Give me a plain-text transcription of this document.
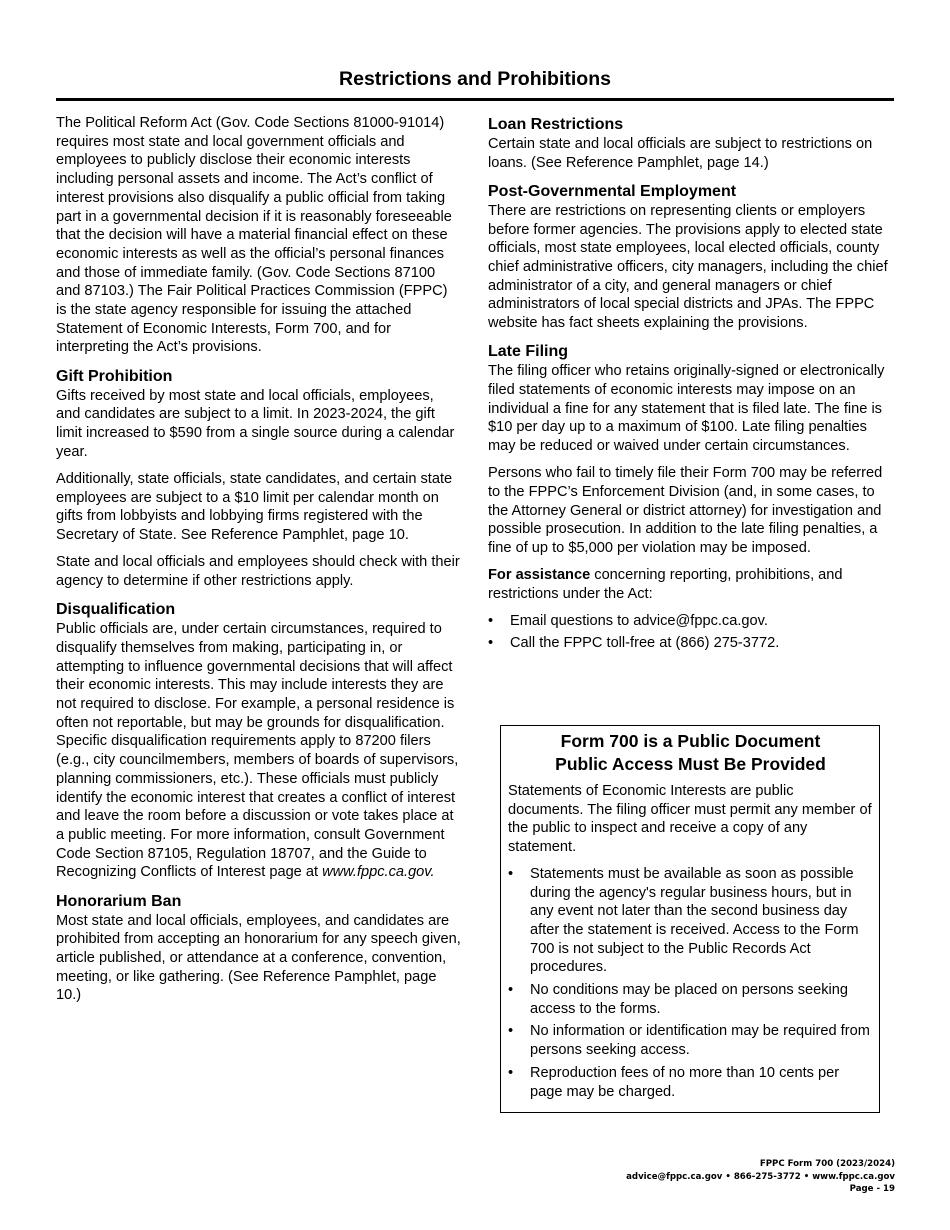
Restrictions and Prohibitions

The Political Reform Act (Gov. Code Sections 81000-91014) requires most state and local government officials and employees to publicly disclose their economic interests including personal assets and income. The Act’s conflict of interest provisions also disqualify a public official from taking part in a governmental decision if it is reasonably foreseeable that the decision will have a material financial effect on these economic interests as well as the official’s personal finances and those of immediate family. (Gov. Code Sections 87100 and 87103.) The Fair Political Practices Commission (FPPC) is the state agency responsible for issuing the attached Statement of Economic Interests, Form 700, and for interpreting the Act’s provisions.

Gift Prohibition

Gifts received by most state and local officials, employees, and candidates are subject to a limit. In 2023-2024, the gift limit increased to $590 from a single source during a calendar year.

Additionally, state officials, state candidates, and certain state employees are subject to a $10 limit per calendar month on gifts from lobbyists and lobbying firms registered with the Secretary of State. See Reference Pamphlet, page 10.

State and local officials and employees should check with their agency to determine if other restrictions apply.

Disqualification

Public officials are, under certain circumstances, required to disqualify themselves from making, participating in, or attempting to influence governmental decisions that will affect their economic interests. This may include interests they are not required to disclose. For example, a personal residence is often not reportable, but may be grounds for disqualification. Specific disqualification requirements apply to 87200 filers (e.g., city councilmembers, members of boards of supervisors, planning commissioners, etc.). These officials must publicly identify the economic interest that creates a conflict of interest and leave the room before a discussion or vote takes place at a public meeting. For more information, consult Government Code Section 87105, Regulation 18707, and the Guide to Recognizing Conflicts of Interest page at www.fppc.ca.gov.

Honorarium Ban

Most state and local officials, employees, and candidates are prohibited from accepting an honorarium for any speech given, article published, or attendance at a conference, convention, meeting, or like gathering. (See Reference Pamphlet, page 10.)

Loan Restrictions

Certain state and local officials are subject to restrictions on loans. (See Reference Pamphlet, page 14.)

Post-Governmental Employment

There are restrictions on representing clients or employers before former agencies. The provisions apply to elected state officials, most state employees, local elected officials, county chief administrative officers, city managers, including the chief administrator of a city, and general managers or chief administrators of local special districts and JPAs. The FPPC website has fact sheets explaining the provisions.

Late Filing

The filing officer who retains originally-signed or electronically filed statements of economic interests may impose on an individual a fine for any statement that is filed late. The fine is $10 per day up to a maximum of $100. Late filing penalties may be reduced or waived under certain circumstances.

Persons who fail to timely file their Form 700 may be referred to the FPPC’s Enforcement Division (and, in some cases, to the Attorney General or district attorney) for investigation and possible prosecution. In addition to the late filing penalties, a fine of up to $5,000 per violation may be imposed.

For assistance concerning reporting, prohibitions, and restrictions under the Act:

• Email questions to advice@fppc.ca.gov.
• Call the FPPC toll-free at (866) 275-3772.
Form 700 is a Public Document
Public Access Must Be Provided

Statements of Economic Interests are public documents. The filing officer must permit any member of the public to inspect and receive a copy of any statement.

• Statements must be available as soon as possible during the agency's regular business hours, but in any event not later than the second business day after the statement is received. Access to the Form 700 is not subject to the Public Records Act procedures.
• No conditions may be placed on persons seeking access to the forms.
• No information or identification may be required from persons seeking access.
• Reproduction fees of no more than 10 cents per page may be charged.
FPPC Form 700 (2023/2024)
advice@fppc.ca.gov • 866-275-3772 • www.fppc.ca.gov
Page - 19
